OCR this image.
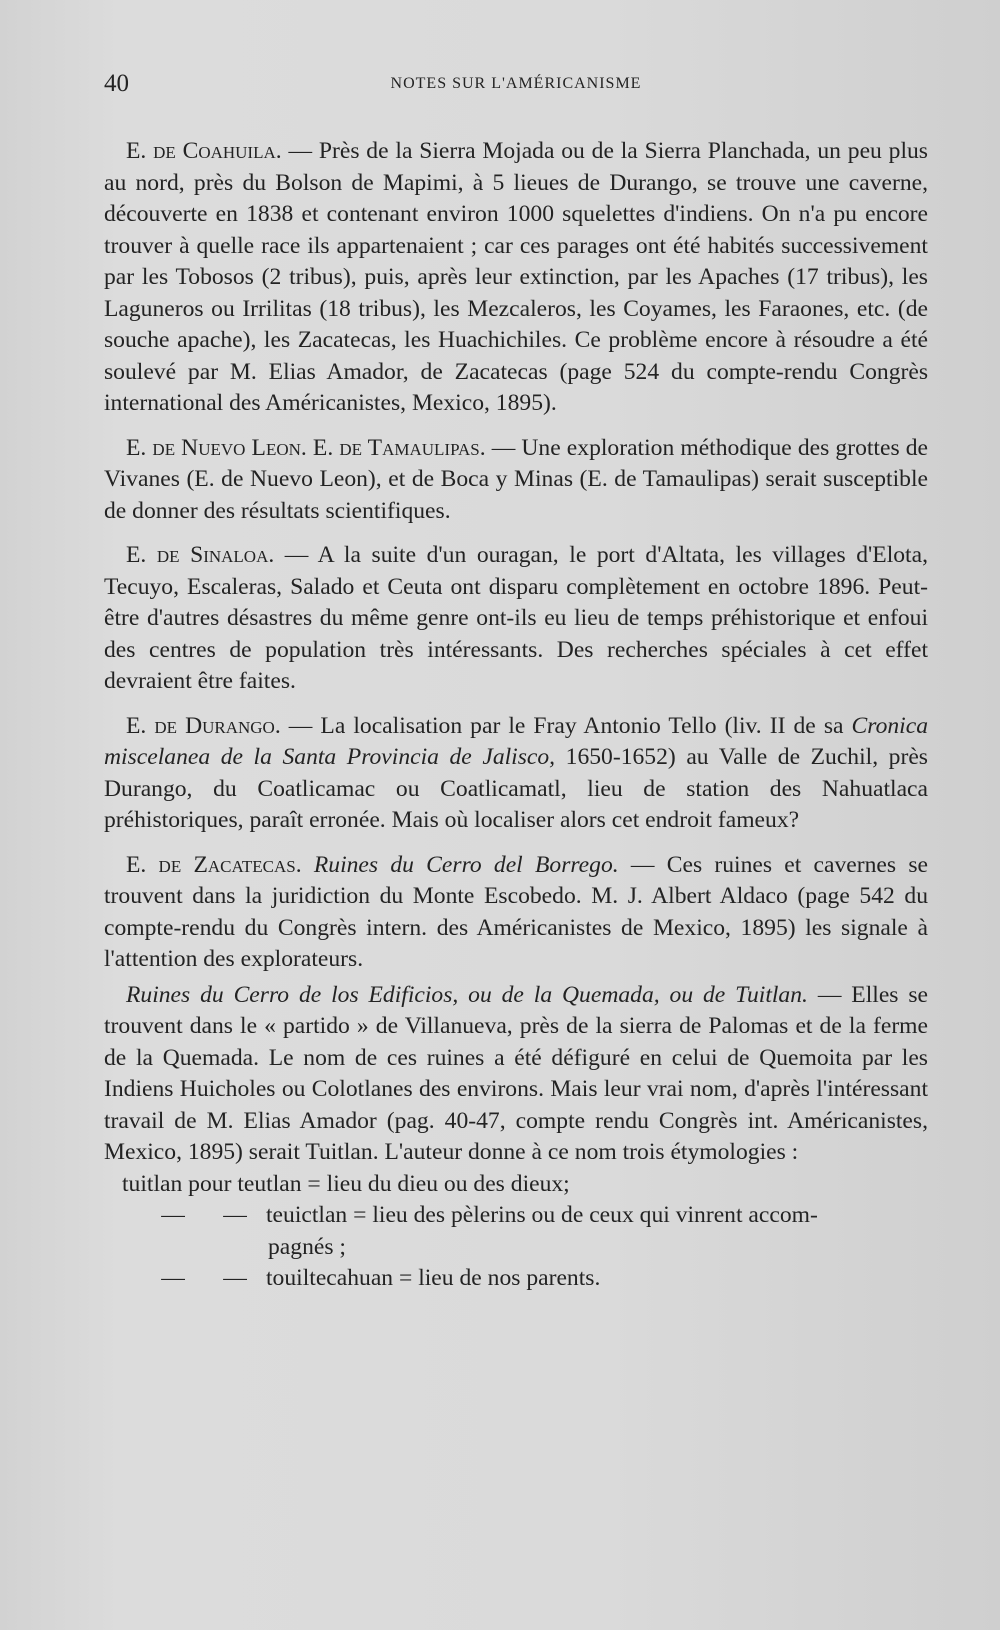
40	NOTES SUR L'AMÉRICANISME

E. de Coahuila. — Près de la Sierra Mojada ou de la Sierra Planchada, un peu plus au nord, près du Bolson de Mapimi, à 5 lieues de Durango, se trouve une caverne, découverte en 1838 et contenant environ 1000 squelettes d'indiens. On n'a pu encore trouver à quelle race ils appartenaient ; car ces parages ont été habités successivement par les Tobosos (2 tribus), puis, après leur extinction, par les Apaches (17 tribus), les Laguneros ou Irrilitas (18 tribus), les Mezcaleros, les Coyames, les Faraones, etc. (de souche apache), les Zacatecas, les Huachichiles. Ce problème encore à résoudre a été soulevé par M. Elias Amador, de Zacatecas (page 524 du compte-rendu Congrès international des Américanistes, Mexico, 1895).

E. de Nuevo Leon. E. de Tamaulipas. — Une exploration méthodique des grottes de Vivanes (E. de Nuevo Leon), et de Boca y Minas (E. de Tamaulipas) serait susceptible de donner des résultats scientifiques.

E. de Sinaloa. — A la suite d'un ouragan, le port d'Altata, les villages d'Elota, Tecuyo, Escaleras, Salado et Ceuta ont disparu complètement en octobre 1896. Peut-être d'autres désastres du même genre ont-ils eu lieu de temps préhistorique et enfoui des centres de population très intéressants. Des recherches spéciales à cet effet devraient être faites.

E. de Durango. — La localisation par le Fray Antonio Tello (liv. II de sa Cronica miscelanea de la Santa Provincia de Jalisco, 1650-1652) au Valle de Zuchil, près Durango, du Coatlicamac ou Coatlicamatl, lieu de station des Nahuatlaca préhistoriques, paraît erronée. Mais où localiser alors cet endroit fameux?

E. de Zacatecas. Ruines du Cerro del Borrego. — Ces ruines et cavernes se trouvent dans la juridiction du Monte Escobedo. M. J. Albert Aldaco (page 542 du compte-rendu du Congrès intern. des Américanistes de Mexico, 1895) les signale à l'attention des explorateurs.

Ruines du Cerro de los Edificios, ou de la Quemada, ou de Tuitlan. — Elles se trouvent dans le « partido » de Villanueva, près de la sierra de Palomas et de la ferme de la Quemada. Le nom de ces ruines a été défiguré en celui de Quemoita par les Indiens Huicholes ou Colotlanes des environs. Mais leur vrai nom, d'après l'intéressant travail de M. Elias Amador (pag. 40-47, compte rendu Congrès int. Américanistes, Mexico, 1895) serait Tuitlan. L'auteur donne à ce nom trois étymologies :

tuitlan pour teutlan = lieu du dieu ou des dieux;
—	— teuictlan = lieu des pèlerins ou de ceux qui vinrent accom-
pagnés ;
—	— touiltecahuan = lieu de nos parents.
